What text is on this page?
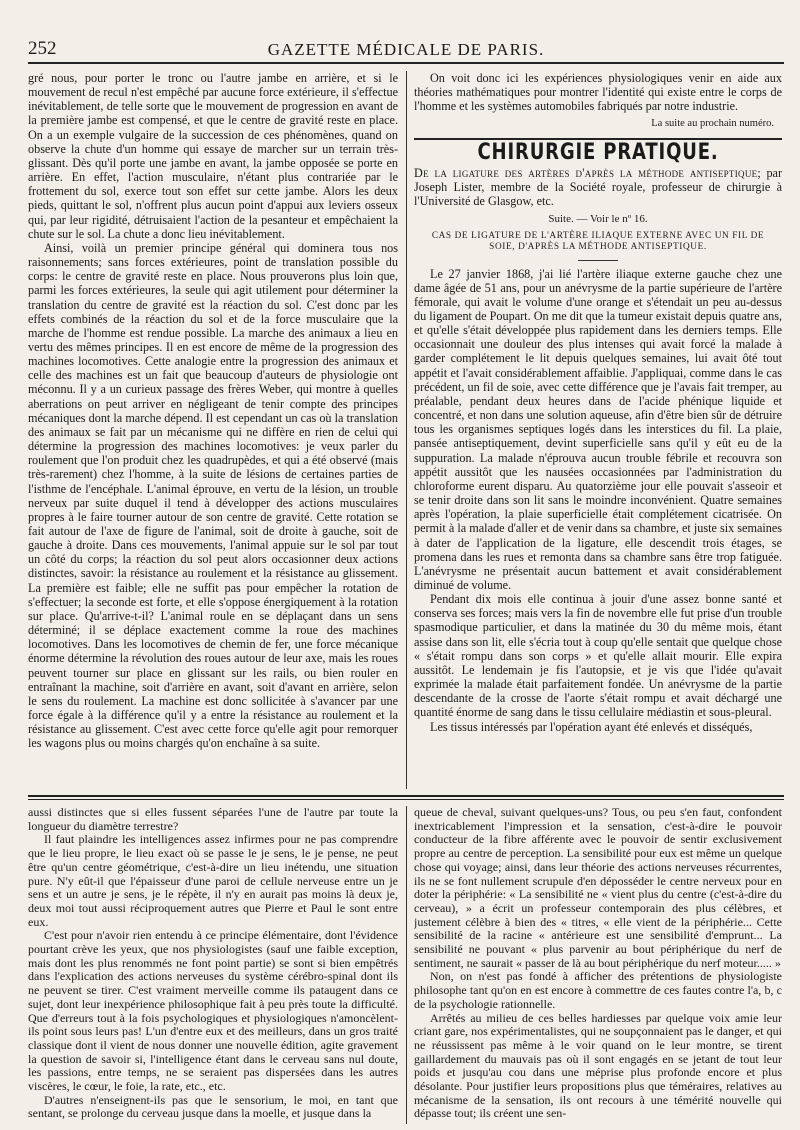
252	GAZETTE MÉDICALE DE PARIS.

gré nous, pour porter le tronc ou l'autre jambe en arrière, et si le mouvement de recul n'est empêché par aucune force extérieure, il s'effectue inévitablement, de telle sorte que le mouvement de progression en avant de la première jambe est compensé, et que le centre de gravité reste en place. On a un exemple vulgaire de la succession de ces phénomènes, quand on observe la chute d'un homme qui essaye de marcher sur un terrain très-glissant. Dès qu'il porte une jambe en avant, la jambe opposée se porte en arrière. En effet, l'action musculaire, n'étant plus contrariée par le frottement du sol, exerce tout son effet sur cette jambe. Alors les deux pieds, quittant le sol, n'offrent plus aucun point d'appui aux leviers osseux qui, par leur rigidité, détruisaient l'action de la pesanteur et empêchaient la chute sur le sol. La chute a donc lieu inévitablement.

Ainsi, voilà un premier principe général qui dominera tous nos raisonnements; sans forces extérieures, point de translation possible du corps: le centre de gravité reste en place. Nous prouverons plus loin que, parmi les forces extérieures, la seule qui agit utilement pour déterminer la translation du centre de gravité est la réaction du sol. C'est donc par les effets combinés de la réaction du sol et de la force musculaire que la marche de l'homme est rendue possible. La marche des animaux a lieu en vertu des mêmes principes. Il en est encore de même de la progression des machines locomotives. Cette analogie entre la progression des animaux et celle des machines est un fait que beaucoup d'auteurs de physiologie ont méconnu. Il y a un curieux passage des frères Weber, qui montre à quelles aberrations on peut arriver en négligeant de tenir compte des principes mécaniques dont la marche dépend. Il est cependant un cas où la translation des animaux se fait par un mécanisme qui ne diffère en rien de celui qui détermine la progression des machines locomotives: je veux parler du roulement que l'on produit chez les quadrupèdes, et qui a été observé (mais très-rarement) chez l'homme, à la suite de lésions de certaines parties de l'isthme de l'encéphale. L'animal éprouve, en vertu de la lésion, un trouble nerveux par suite duquel il tend à développer des actions musculaires propres à le faire tourner autour de son centre de gravité. Cette rotation se fait autour de l'axe de figure de l'animal, soit de droite à gauche, soit de gauche à droite. Dans ces mouvements, l'animal appuie sur le sol par tout un côté du corps; la réaction du sol peut alors occasionner deux actions distinctes, savoir: la résistance au roulement et la résistance au glissement. La première est faible; elle ne suffit pas pour empêcher la rotation de s'effectuer; la seconde est forte, et elle s'oppose énergiquement à la rotation sur place. Qu'arrive-t-il? L'animal roule en se déplaçant dans un sens déterminé; il se déplace exactement comme la roue des machines locomotives. Dans les locomotives de chemin de fer, une force mécanique énorme détermine la révolution des roues autour de leur axe, mais les roues peuvent tourner sur place en glissant sur les rails, ou bien rouler en entraînant la machine, soit d'arrière en avant, soit d'avant en arrière, selon le sens du roulement. La machine est donc sollicitée à s'avancer par une force égale à la différence qu'il y a entre la résistance au roulement et la résistance au glissement. C'est avec cette force qu'elle agit pour remorquer les wagons plus ou moins chargés qu'on enchaîne à sa suite.

On voit donc ici les expériences physiologiques venir en aide aux théories mathématiques pour montrer l'identité qui existe entre le corps de l'homme et les systèmes automobiles fabriqués par notre industrie.

La suite au prochain numéro.
CHIRURGIE PRATIQUE.
De la ligature des artères d'après la méthode antiseptique; par Joseph Lister, membre de la Société royale, professeur de chirurgie à l'Université de Glasgow, etc.
Suite. — Voir le nº 16.
CAS DE LIGATURE DE L'ARTÈRE ILIAQUE EXTERNE AVEC UN FIL DE SOIE, D'APRÈS LA MÉTHODE ANTISEPTIQUE.

Le 27 janvier 1868, j'ai lié l'artère iliaque externe gauche chez une dame âgée de 51 ans, pour un anévrysme de la partie supérieure de l'artère fémorale, qui avait le volume d'une orange et s'étendait un peu au-dessus du ligament de Poupart. On me dit que la tumeur existait depuis quatre ans, et qu'elle s'était développée plus rapidement dans les derniers temps. Elle occasionnait une douleur des plus intenses qui avait forcé la malade à garder complétement le lit depuis quelques semaines, lui avait ôté tout appétit et l'avait considérablement affaiblie. J'appliquai, comme dans le cas précédent, un fil de soie, avec cette différence que je l'avais fait tremper, au préalable, pendant deux heures dans de l'acide phénique liquide et concentré, et non dans une solution aqueuse, afin d'être bien sûr de détruire tous les organismes septiques logés dans les interstices du fil. La plaie, pansée antiseptiquement, devint superficielle sans qu'il y eût eu de la suppuration. La malade n'éprouva aucun trouble fébrile et recouvra son appétit aussitôt que les nausées occasionnées par l'administration du chloroforme eurent disparu. Au quatorzième jour elle pouvait s'asseoir et se tenir droite dans son lit sans le moindre inconvénient. Quatre semaines après l'opération, la plaie superficielle était complétement cicatrisée. On permit à la malade d'aller et de venir dans sa chambre, et juste six semaines à dater de l'application de la ligature, elle descendit trois étages, se promena dans les rues et remonta dans sa chambre sans être trop fatiguée. L'anévrysme ne présentait aucun battement et avait considérablement diminué de volume.

Pendant dix mois elle continua à jouir d'une assez bonne santé et conserva ses forces; mais vers la fin de novembre elle fut prise d'un trouble spasmodique particulier, et dans la matinée du 30 du même mois, étant assise dans son lit, elle s'écria tout à coup qu'elle sentait que quelque chose « s'était rompu dans son corps » et qu'elle allait mourir. Elle expira aussitôt. Le lendemain je fis l'autopsie, et je vis que l'idée qu'avait exprimée la malade était parfaitement fondée. Un anévrysme de la partie descendante de la crosse de l'aorte s'était rompu et avait déchargé une quantité énorme de sang dans le tissu cellulaire médiastin et sous-pleural.

Les tissus intéressés par l'opération ayant été enlevés et disséqués,

aussi distinctes que si elles fussent séparées l'une de l'autre par toute la longueur du diamètre terrestre?

Il faut plaindre les intelligences assez infirmes pour ne pas comprendre que le lieu propre, le lieu exact où se passe le je sens, le je pense, ne peut être qu'un centre géométrique, c'est-à-dire un lieu inétendu, une situation pure. N'y eût-il que l'épaisseur d'une paroi de cellule nerveuse entre un je sens et un autre je sens, je le répète, il n'y en aurait pas moins là deux je, deux moi tout aussi réciproquement autres que Pierre et Paul le sont entre eux.

C'est pour n'avoir rien entendu à ce principe élémentaire, dont l'évidence pourtant crève les yeux, que nos physiologistes (sauf une faible exception, mais dont les plus renommés ne font point partie) se sont si bien empêtrés dans l'explication des actions nerveuses du système cérébro-spinal dont ils ne peuvent se tirer. C'est vraiment merveille comme ils pataugent dans ce sujet, dont leur inexpérience philosophique fait à peu près toute la difficulté. Que d'erreurs tout à la fois psychologiques et physiologiques n'amoncèlent-ils point sous leurs pas! L'un d'entre eux et des meilleurs, dans un gros traité classique dont il vient de nous donner une nouvelle édition, agite gravement la question de savoir si, l'intelligence étant dans le cerveau sans nul doute, les passions, entre temps, ne se seraient pas dispersées dans les autres viscères, le cœur, le foie, la rate, etc., etc.

D'autres n'enseignent-ils pas que le sensorium, le moi, en tant que sentant, se prolonge du cerveau jusque dans la moelle, et jusque dans la

queue de cheval, suivant quelques-uns? Tous, ou peu s'en faut, confondent inextricablement l'impression et la sensation, c'est-à-dire le pouvoir conducteur de la fibre afférente avec le pouvoir de sentir exclusivement propre au centre de perception. La sensibilité pour eux est même un quelque chose qui voyage; ainsi, dans leur théorie des actions nerveuses récurrentes, ils ne se font nullement scrupule d'en déposséder le centre nerveux pour en doter la périphérie: « La sensibilité ne « vient plus du centre (c'est-à-dire du cerveau), » a écrit un professeur contemporain des plus célèbres, et justement célèbre à bien des « titres, « elle vient de la périphérie... Cette sensibilité de la racine « antérieure est une sensibilité d'emprunt... La sensibilité ne pouvant « plus parvenir au bout périphérique du nerf de sentiment, ne saurait « passer de là au bout périphérique du nerf moteur..... »

Non, on n'est pas fondé à afficher des prétentions de physiologiste philosophe tant qu'on en est encore à commettre de ces fautes contre l'a, b, c de la psychologie rationnelle.

Arrêtés au milieu de ces belles hardiesses par quelque voix amie leur criant gare, nos expérimentalistes, qui ne soupçonnaient pas le danger, et qui ne réussissent pas même à le voir quand on le leur montre, se tirent gaillardement du mauvais pas où il sont engagés en se jetant de tout leur poids et jusqu'au cou dans une méprise plus profonde encore et plus désolante. Pour justifier leurs propositions plus que téméraires, relatives au mécanisme de la sensation, ils ont recours à une témérité nouvelle qui dépasse tout; ils créent une sen-
